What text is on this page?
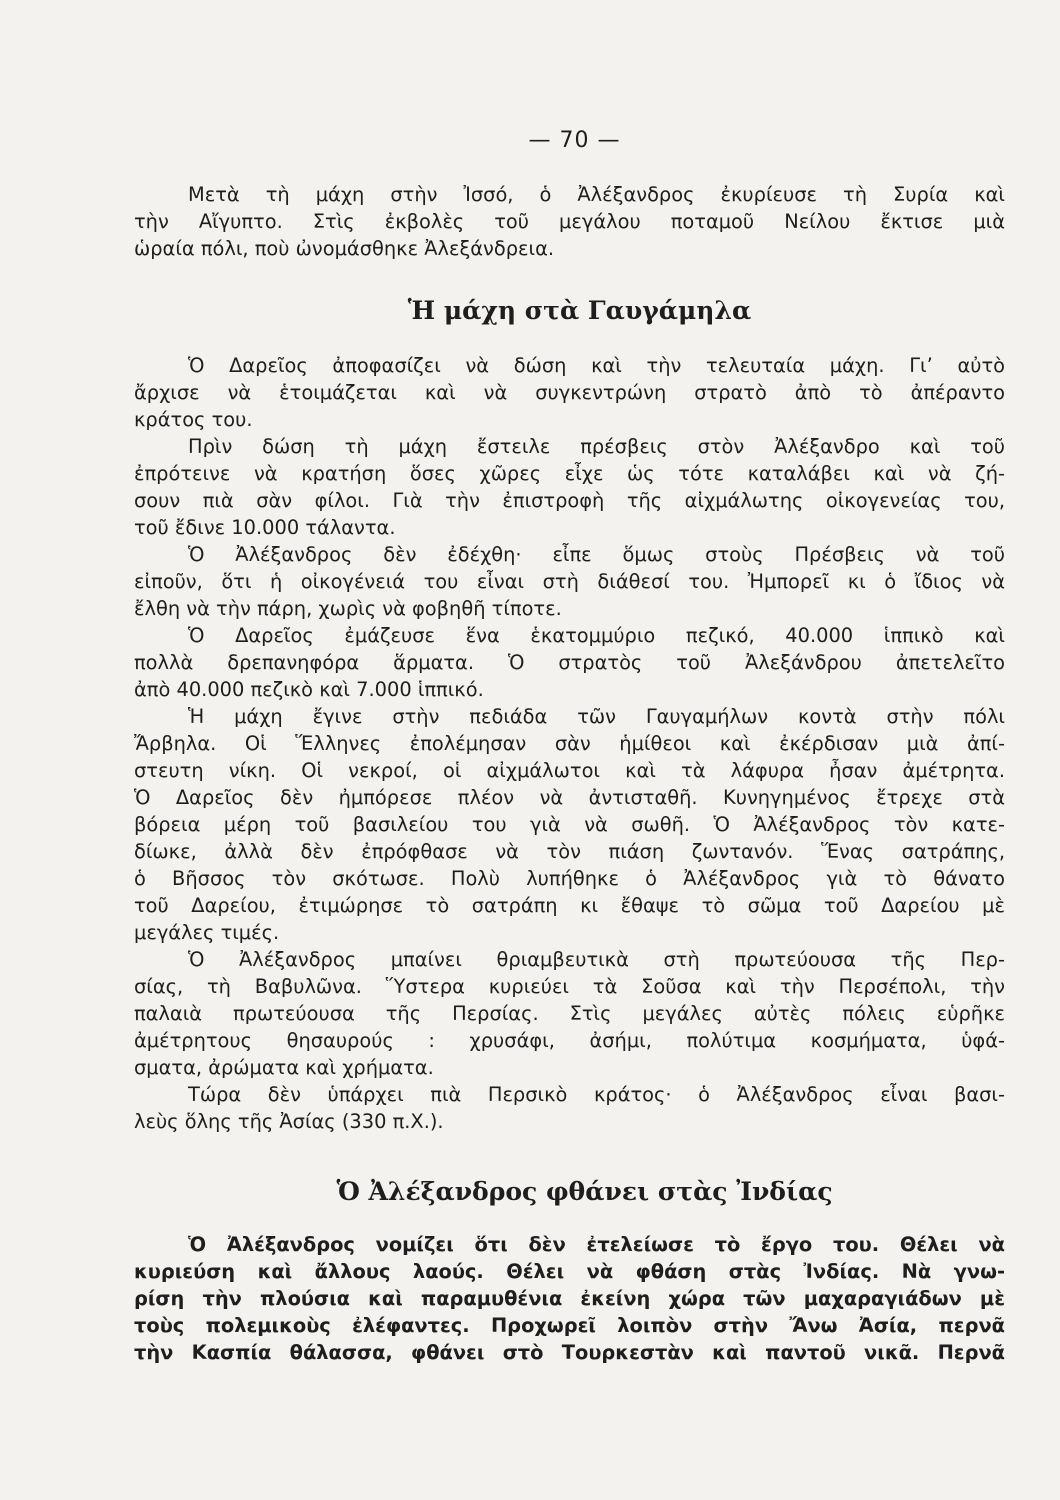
— 70 —

Μετὰ τὴ μάχη στὴν Ἰσσό, ὁ Ἀλέξανδρος ἐκυρίευσε τὴ Συρία καὶ
τὴν Αἴγυπτο. Στὶς ἐκβολὲς τοῦ μεγάλου ποταμοῦ Νείλου ἔκτισε μιὰ
ὡραία πόλι, ποὺ ὠνομάσθηκε Ἀλεξάνδρεια.

Ἡ μάχη στὰ Γαυγάμηλα

Ὁ Δαρεῖος ἀποφασίζει νὰ δώση καὶ τὴν τελευταία μάχη. Γι’ αὐτὸ
ἄρχισε νὰ ἑτοιμάζεται καὶ νὰ συγκεντρώνη στρατὸ ἀπὸ τὸ ἀπέραντο
κράτος του.

Πρὶν δώση τὴ μάχη ἔστειλε πρέσβεις στὸν Ἀλέξανδρο καὶ τοῦ
ἐπρότεινε νὰ κρατήση ὅσες χῶρες εἶχε ὡς τότε καταλάβει καὶ νὰ ζή-
σουν πιὰ σὰν φίλοι. Γιὰ τὴν ἐπιστροφὴ τῆς αἰχμάλωτης οἰκογενείας του,
τοῦ ἔδινε 10.000 τάλαντα.

Ὁ Ἀλέξανδρος δὲν ἐδέχθη· εἶπε ὅμως στοὺς Πρέσβεις νὰ τοῦ
εἰποῦν, ὅτι ἡ οἰκογένειά του εἶναι στὴ διάθεσί του. Ἠμπορεῖ κι ὁ ἴδιος νὰ
ἔλθη νὰ τὴν πάρη, χωρὶς νὰ φοβηθῆ τίποτε.

Ὁ Δαρεῖος ἐμάζευσε ἕνα ἑκατομμύριο πεζικό, 40.000 ἱππικὸ καὶ
πολλὰ δρεπανηφόρα ἅρματα. Ὁ στρατὸς τοῦ Ἀλεξάνδρου ἀπετελεῖτο
ἀπὸ 40.000 πεζικὸ καὶ 7.000 ἱππικό.

Ἡ μάχη ἔγινε στὴν πεδιάδα τῶν Γαυγαμήλων κοντὰ στὴν πόλι
Ἄρβηλα. Οἱ Ἕλληνες ἐπολέμησαν σὰν ἡμίθεοι καὶ ἐκέρδισαν μιὰ ἀπί-
στευτη νίκη. Οἱ νεκροί, οἱ αἰχμάλωτοι καὶ τὰ λάφυρα ἦσαν ἀμέτρητα.

Ὁ Δαρεῖος δὲν ἠμπόρεσε πλέον νὰ ἀντισταθῆ. Κυνηγημένος ἔτρεχε στὰ
βόρεια μέρη τοῦ βασιλείου του γιὰ νὰ σωθῆ. Ὁ Ἀλέξανδρος τὸν κατε-
δίωκε, ἀλλὰ δὲν ἐπρόφθασε νὰ τὸν πιάση ζωντανόν. Ἕνας σατράπης,
ὁ Βῆσσος τὸν σκότωσε. Πολὺ λυπήθηκε ὁ Ἀλέξανδρος γιὰ τὸ θάνατο
τοῦ Δαρείου, ἐτιμώρησε τὸ σατράπη κι ἔθαψε τὸ σῶμα τοῦ Δαρείου μὲ
μεγάλες τιμές.

Ὁ Ἀλέξανδρος μπαίνει θριαμβευτικὰ στὴ πρωτεύουσα τῆς Περ-
σίας, τὴ Βαβυλῶνα. Ὕστερα κυριεύει τὰ Σοῦσα καὶ τὴν Περσέπολι, τὴν
παλαιὰ πρωτεύουσα τῆς Περσίας. Στὶς μεγάλες αὐτὲς πόλεις εὑρῆκε
ἀμέτρητους θησαυρούς : χρυσάφι, ἀσήμι, πολύτιμα κοσμήματα, ὑφά-
σματα, ἀρώματα καὶ χρήματα.

Τώρα δὲν ὑπάρχει πιὰ Περσικὸ κράτος· ὁ Ἀλέξανδρος εἶναι βασι-
λεὺς ὅλης τῆς Ἀσίας (330 π.Χ.).

Ὁ Ἀλέξανδρος φθάνει στὰς Ἰνδίας

Ὁ Ἀλέξανδρος νομίζει ὅτι δὲν ἐτελείωσε τὸ ἔργο του. Θέλει νὰ
κυριεύση καὶ ἄλλους λαούς. Θέλει νὰ φθάση στὰς Ἰνδίας. Νὰ γνω-
ρίση τὴν πλούσια καὶ παραμυθένια ἐκείνη χώρα τῶν μαχαραγιάδων μὲ
τοὺς πολεμικοὺς ἐλέφαντες. Προχωρεῖ λοιπὸν στὴν Ἄνω Ἀσία, περνᾶ
τὴν Κασπία θάλασσα, φθάνει στὸ Τουρκεστὰν καὶ παντοῦ νικᾶ. Περνᾶ
